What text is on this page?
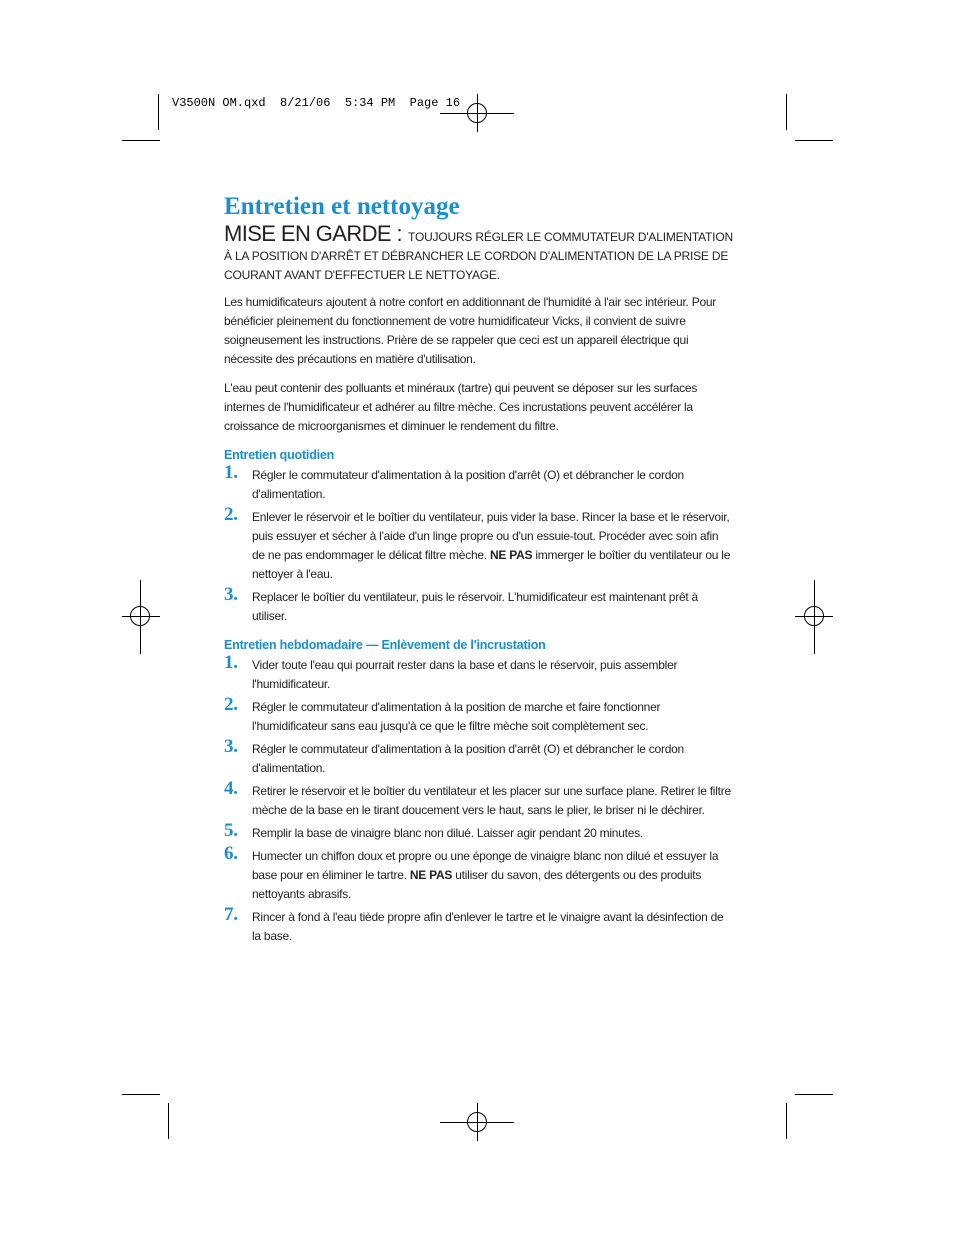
V3500N OM.qxd  8/21/06  5:34 PM  Page 16
Entretien et nettoyage

MISE EN GARDE : TOUJOURS RÉGLER LE COMMUTATEUR D'ALIMENTATION À LA POSITION D'ARRÊT ET DÉBRANCHER LE CORDON D'ALIMENTATION DE LA PRISE DE COURANT AVANT D'EFFECTUER LE NETTOYAGE.

Les humidificateurs ajoutent à notre confort en additionnant de l'humidité à l'air sec intérieur. Pour bénéficier pleinement du fonctionnement de votre humidificateur Vicks, il convient de suivre soigneusement les instructions. Prière de se rappeler que ceci est un appareil électrique qui nécessite des précautions en matière d'utilisation.

L'eau peut contenir des polluants et minéraux (tartre) qui peuvent se déposer sur les surfaces internes de l'humidificateur et adhérer au filtre mèche. Ces incrustations peuvent accélérer la croissance de microorganismes et diminuer le rendement du filtre.

Entretien quotidien
1. Régler le commutateur d'alimentation à la position d'arrêt (O) et débrancher le cordon d'alimentation.
2. Enlever le réservoir et le boîtier du ventilateur, puis vider la base. Rincer la base et le réservoir, puis essuyer et sécher à l'aide d'un linge propre ou d'un essuie-tout. Procéder avec soin afin de ne pas endommager le délicat filtre mèche. NE PAS immerger le boîtier du ventilateur ou le nettoyer à l'eau.
3. Replacer le boîtier du ventilateur, puis le réservoir. L'humidificateur est maintenant prêt à utiliser.
Entretien hebdomadaire — Enlèvement de l'incrustation
1. Vider toute l'eau qui pourrait rester dans la base et dans le réservoir, puis assembler l'humidificateur.
2. Régler le commutateur d'alimentation à la position de marche et faire fonctionner l'humidificateur sans eau jusqu'à ce que le filtre mèche soit complètement sec.
3. Régler le commutateur d'alimentation à la position d'arrêt (O) et débrancher le cordon d'alimentation.
4. Retirer le réservoir et le boîtier du ventilateur et les placer sur une surface plane. Retirer le filtre mèche de la base en le tirant doucement vers le haut, sans le plier, le briser ni le déchirer.
5. Remplir la base de vinaigre blanc non dilué. Laisser agir pendant 20 minutes.
6. Humecter un chiffon doux et propre ou une éponge de vinaigre blanc non dilué et essuyer la base pour en éliminer le tartre. NE PAS utiliser du savon, des détergents ou des produits nettoyants abrasifs.
7. Rincer à fond à l'eau tiède propre afin d'enlever le tartre et le vinaigre avant la désinfection de la base.
